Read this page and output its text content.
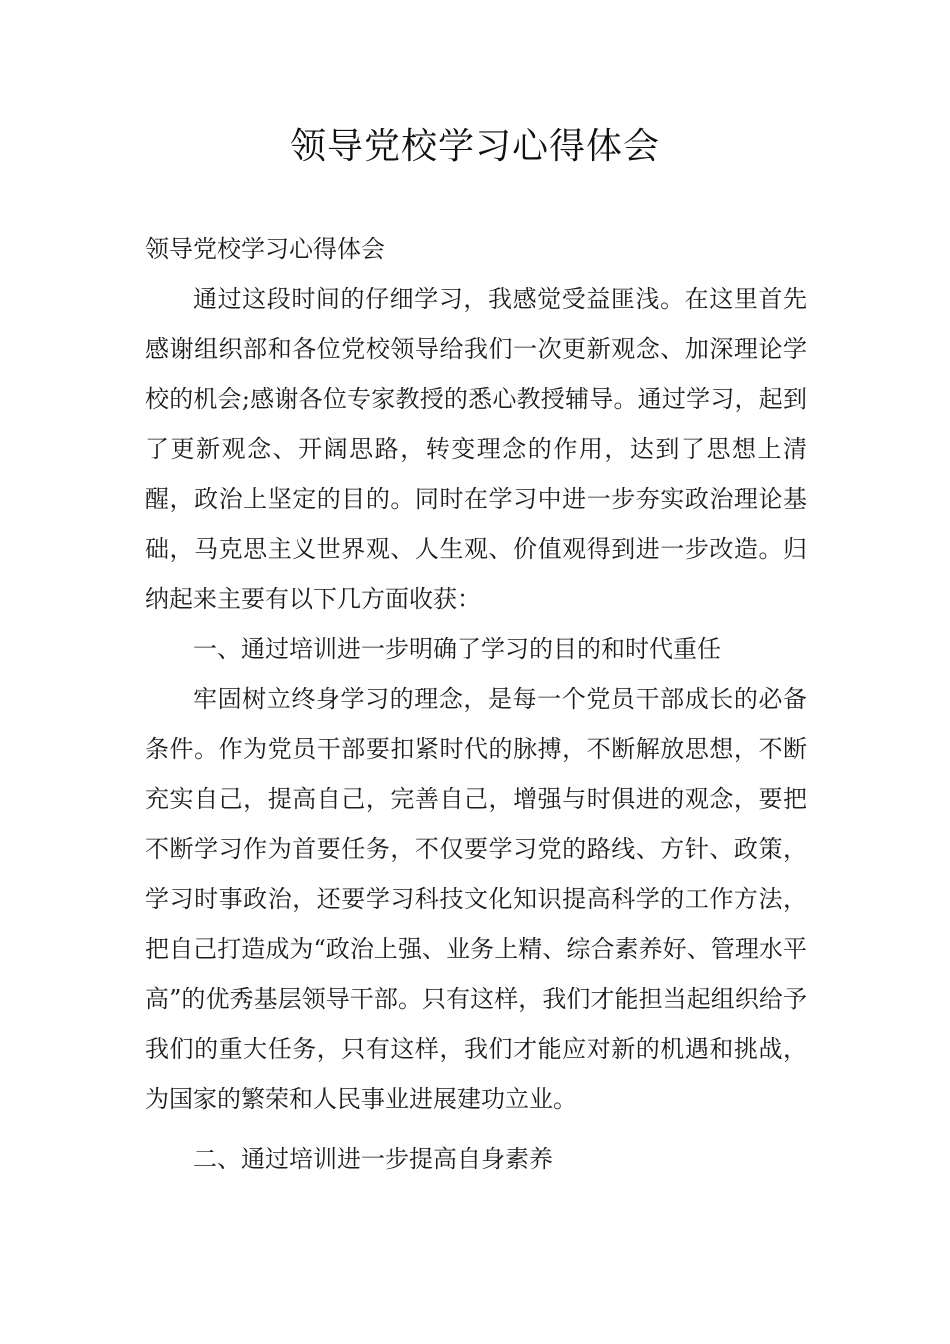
领导党校学习心得体会

领导党校学习心得体会

通过这段时间的仔细学习，我感觉受益匪浅。在这里首先感谢组织部和各位党校领导给我们一次更新观念、加深理论学校的机会;感谢各位专家教授的悉心教授辅导。通过学习，起到了更新观念、开阔思路，转变理念的作用，达到了思想上清醒，政治上坚定的目的。同时在学习中进一步夯实政治理论基础，马克思主义世界观、人生观、价值观得到进一步改造。归纳起来主要有以下几方面收获：

一、通过培训进一步明确了学习的目的和时代重任

牢固树立终身学习的理念，是每一个党员干部成长的必备条件。作为党员干部要扣紧时代的脉搏，不断解放思想，不断充实自己，提高自己，完善自己，增强与时俱进的观念，要把不断学习作为首要任务，不仅要学习党的路线、方针、政策，学习时事政治，还要学习科技文化知识提高科学的工作方法，把自己打造成为“政治上强、业务上精、综合素养好、管理水平高”的优秀基层领导干部。只有这样，我们才能担当起组织给予我们的重大任务，只有这样，我们才能应对新的机遇和挑战，为国家的繁荣和人民事业进展建功立业。

二、通过培训进一步提高自身素养
